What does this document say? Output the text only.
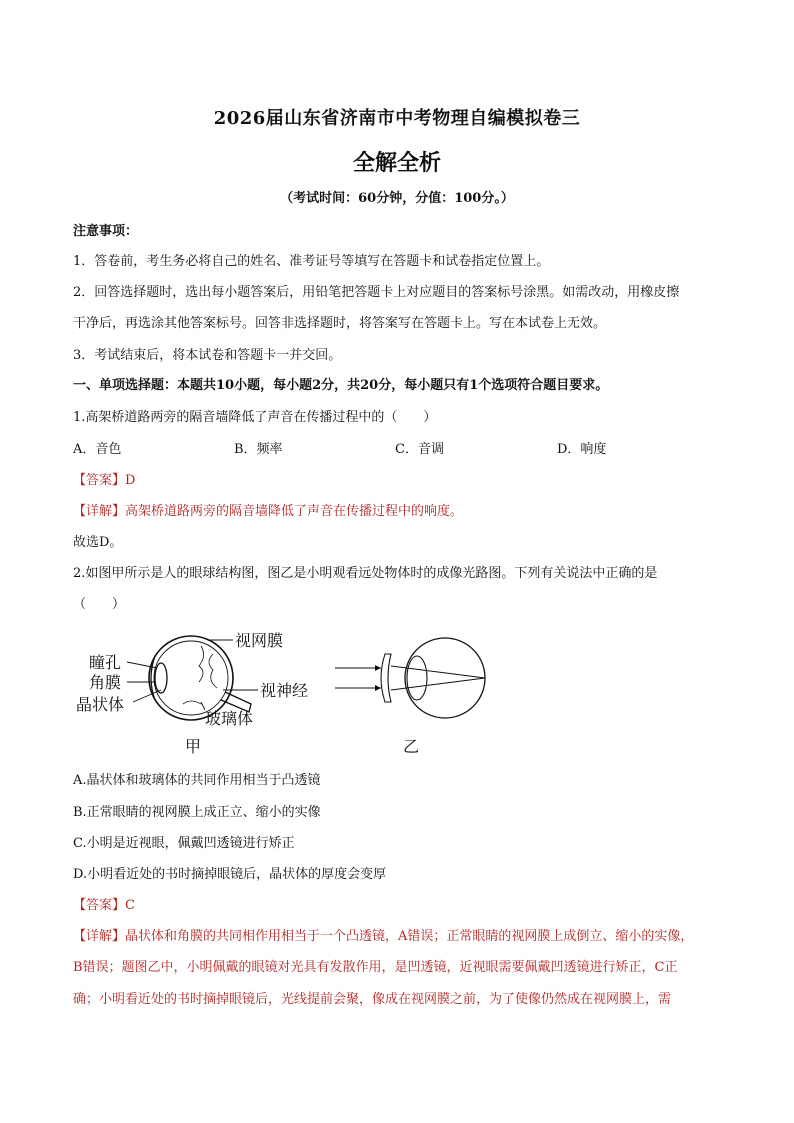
2026届山东省济南市中考物理自编模拟卷三
全解全析
（考试时间：60分钟，分值：100分。）
注意事项：
1．答卷前，考生务必将自己的姓名、准考证号等填写在答题卡和试卷指定位置上。
2．回答选择题时，选出每小题答案后，用铅笔把答题卡上对应题目的答案标号涂黑。如需改动，用橡皮擦
干净后，再选涂其他答案标号。回答非选择题时，将答案写在答题卡上。写在本试卷上无效。
3．考试结束后，将本试卷和答题卡一并交回。
一、单项选择题：本题共10小题，每小题2分，共20分，每小题只有1个选项符合题目要求。
1.高架桥道路两旁的隔音墙降低了声音在传播过程中的（　　）
A．音色	B．频率	C．音调	D．响度
【答案】D
【详解】高架桥道路两旁的隔音墙降低了声音在传播过程中的响度。
故选D。
2.如图甲所示是人的眼球结构图，图乙是小明观看远处物体时的成像光路图。下列有关说法中正确的是
（　　）
视网膜
视神经
玻璃体
瞳孔
角膜
晶状体
甲	乙
A.晶状体和玻璃体的共同作用相当于凸透镜
B.正常眼睛的视网膜上成正立、缩小的实像
C.小明是近视眼，佩戴凹透镜进行矫正
D.小明看近处的书时摘掉眼镜后，晶状体的厚度会变厚
【答案】C
【详解】晶状体和角膜的共同相作用相当于一个凸透镜，A错误；正常眼睛的视网膜上成倒立、缩小的实像，
B错误；题图乙中，小明佩戴的眼镜对光具有发散作用，是凹透镜，近视眼需要佩戴凹透镜进行矫正，C正
确；小明看近处的书时摘掉眼镜后，光线提前会聚，像成在视网膜之前，为了使像仍然成在视网膜上，需
